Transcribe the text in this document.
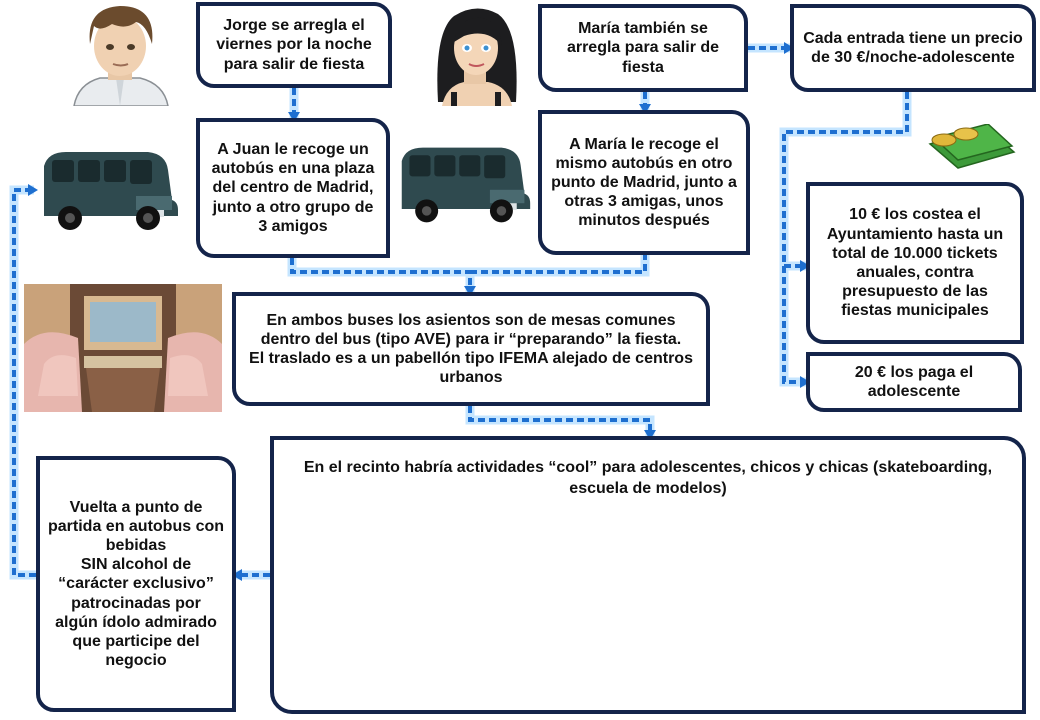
Jorge se arregla el viernes por la noche para salir de fiesta
María también se arregla para salir de fiesta
Cada entrada tiene un precio de 30 €/noche-adolescente
A Juan le recoge un autobús en una plaza del centro de Madrid, junto a otro grupo de 3 amigos
A María le recoge el mismo autobús en otro punto de Madrid, junto a otras 3 amigas, unos minutos después	10 € los costea el Ayuntamiento hasta un total de 10.000 tickets anuales, contra presupuesto de las fiestas municipales
20 € los paga el adolescente
En ambos buses los asientos son de mesas comunes dentro del bus (tipo AVE) para ir “preparando” la fiesta.
El traslado es a un pabellón tipo IFEMA alejado de centros urbanos
En el recinto habría actividades “cool” para adolescentes, chicos y chicas (skateboarding, escuela de modelos)
Vuelta a punto de partida en autobus con bebidas
SIN alcohol de “carácter exclusivo” patrocinadas por algún ídolo admirado que participe del negocio
